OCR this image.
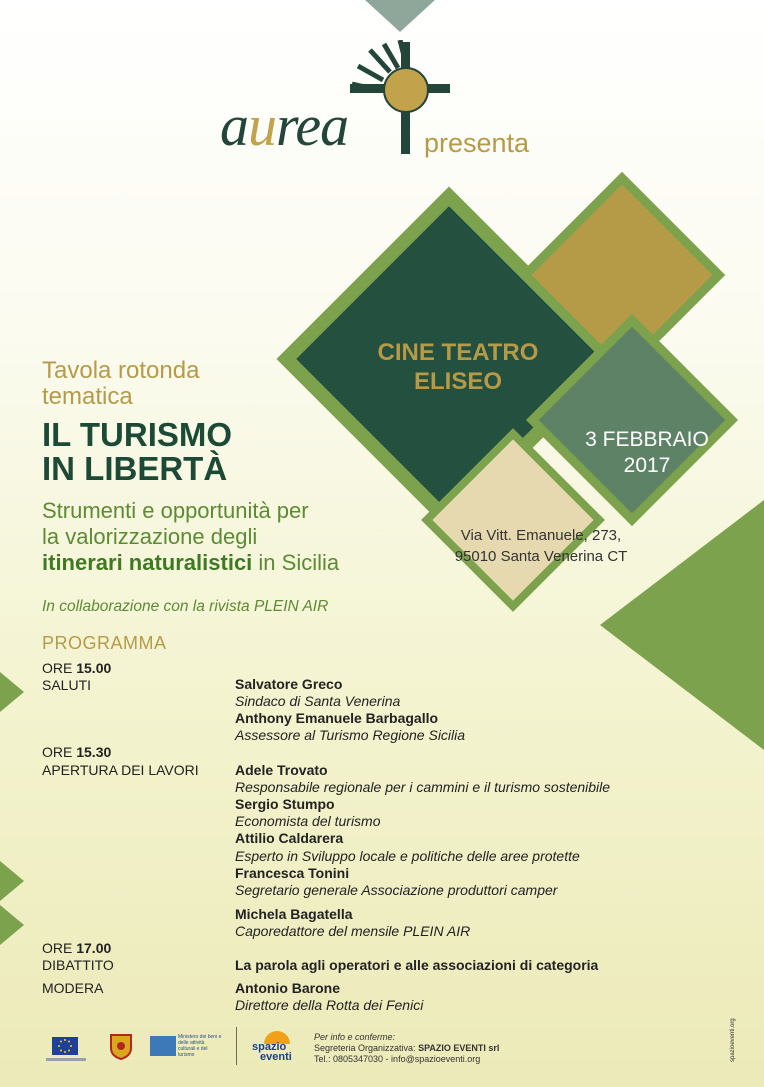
aurea	presenta
CINE TEATRO
ELISEO
3 FEBBRAIO
2017
Via Vitt. Emanuele, 273,
95010 Santa Venerina CT
Tavola rotonda
tematica
IL TURISMO
IN LIBERTÀ
Strumenti e opportunità per
la valorizzazione degli
itinerari naturalistici in Sicilia
In collaborazione con la rivista PLEIN AIR
PROGRAMMA
ORE 15.00
SALUTI
ORE 15.30
APERTURA DEI LAVORI
ORE 17.00
DIBATTITO
MODERA
Salvatore Greco
Sindaco di Santa Venerina
Anthony Emanuele Barbagallo
Assessore al Turismo Regione Sicilia
Adele Trovato
Responsabile regionale per i cammini e il turismo sostenibile
Sergio Stumpo
Economista del turismo
Attilio Caldarera
Esperto in Sviluppo locale e politiche delle aree protette
Francesca Tonini
Segretario generale Associazione produttori camper
Michela Bagatella
Caporedattore del mensile PLEIN AIR
La parola agli operatori e alle associazioni di categoria
Antonio Barone
Direttore della Rotta dei Fenici
Ministero dei beni e delle attività culturali e del turismo
spazio
eventi
Per info e conferme:
Segreteria Organizzativa: SPAZIO EVENTI srl
Tel.: 0805347030 - info@spazioeventi.org	spazioeventi.org
